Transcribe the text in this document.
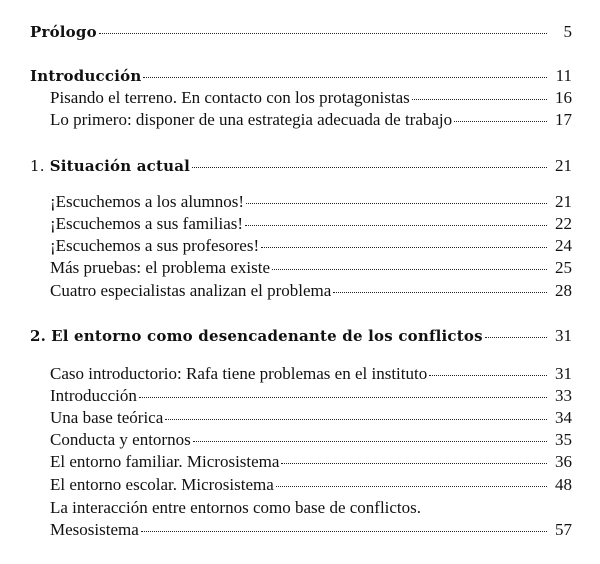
Prólogo	5
Introducción	11
Pisando el terreno. En contacto con los protagonistas	16
Lo primero: disponer de una estrategia adecuada de trabajo	17
1. Situación actual	21
¡Escuchemos a los alumnos!	21
¡Escuchemos a sus familias!	22
¡Escuchemos a sus profesores!	24
Más pruebas: el problema existe	25
Cuatro especialistas analizan el problema	28
2. El entorno como desencadenante de los conflictos	31
Caso introductorio: Rafa tiene problemas en el instituto	31
Introducción	33
Una base teórica	34
Conducta y entornos	35
El entorno familiar. Microsistema	36
El entorno escolar. Microsistema	48
La interacción entre entornos como base de conflictos.
Mesosistema	57
